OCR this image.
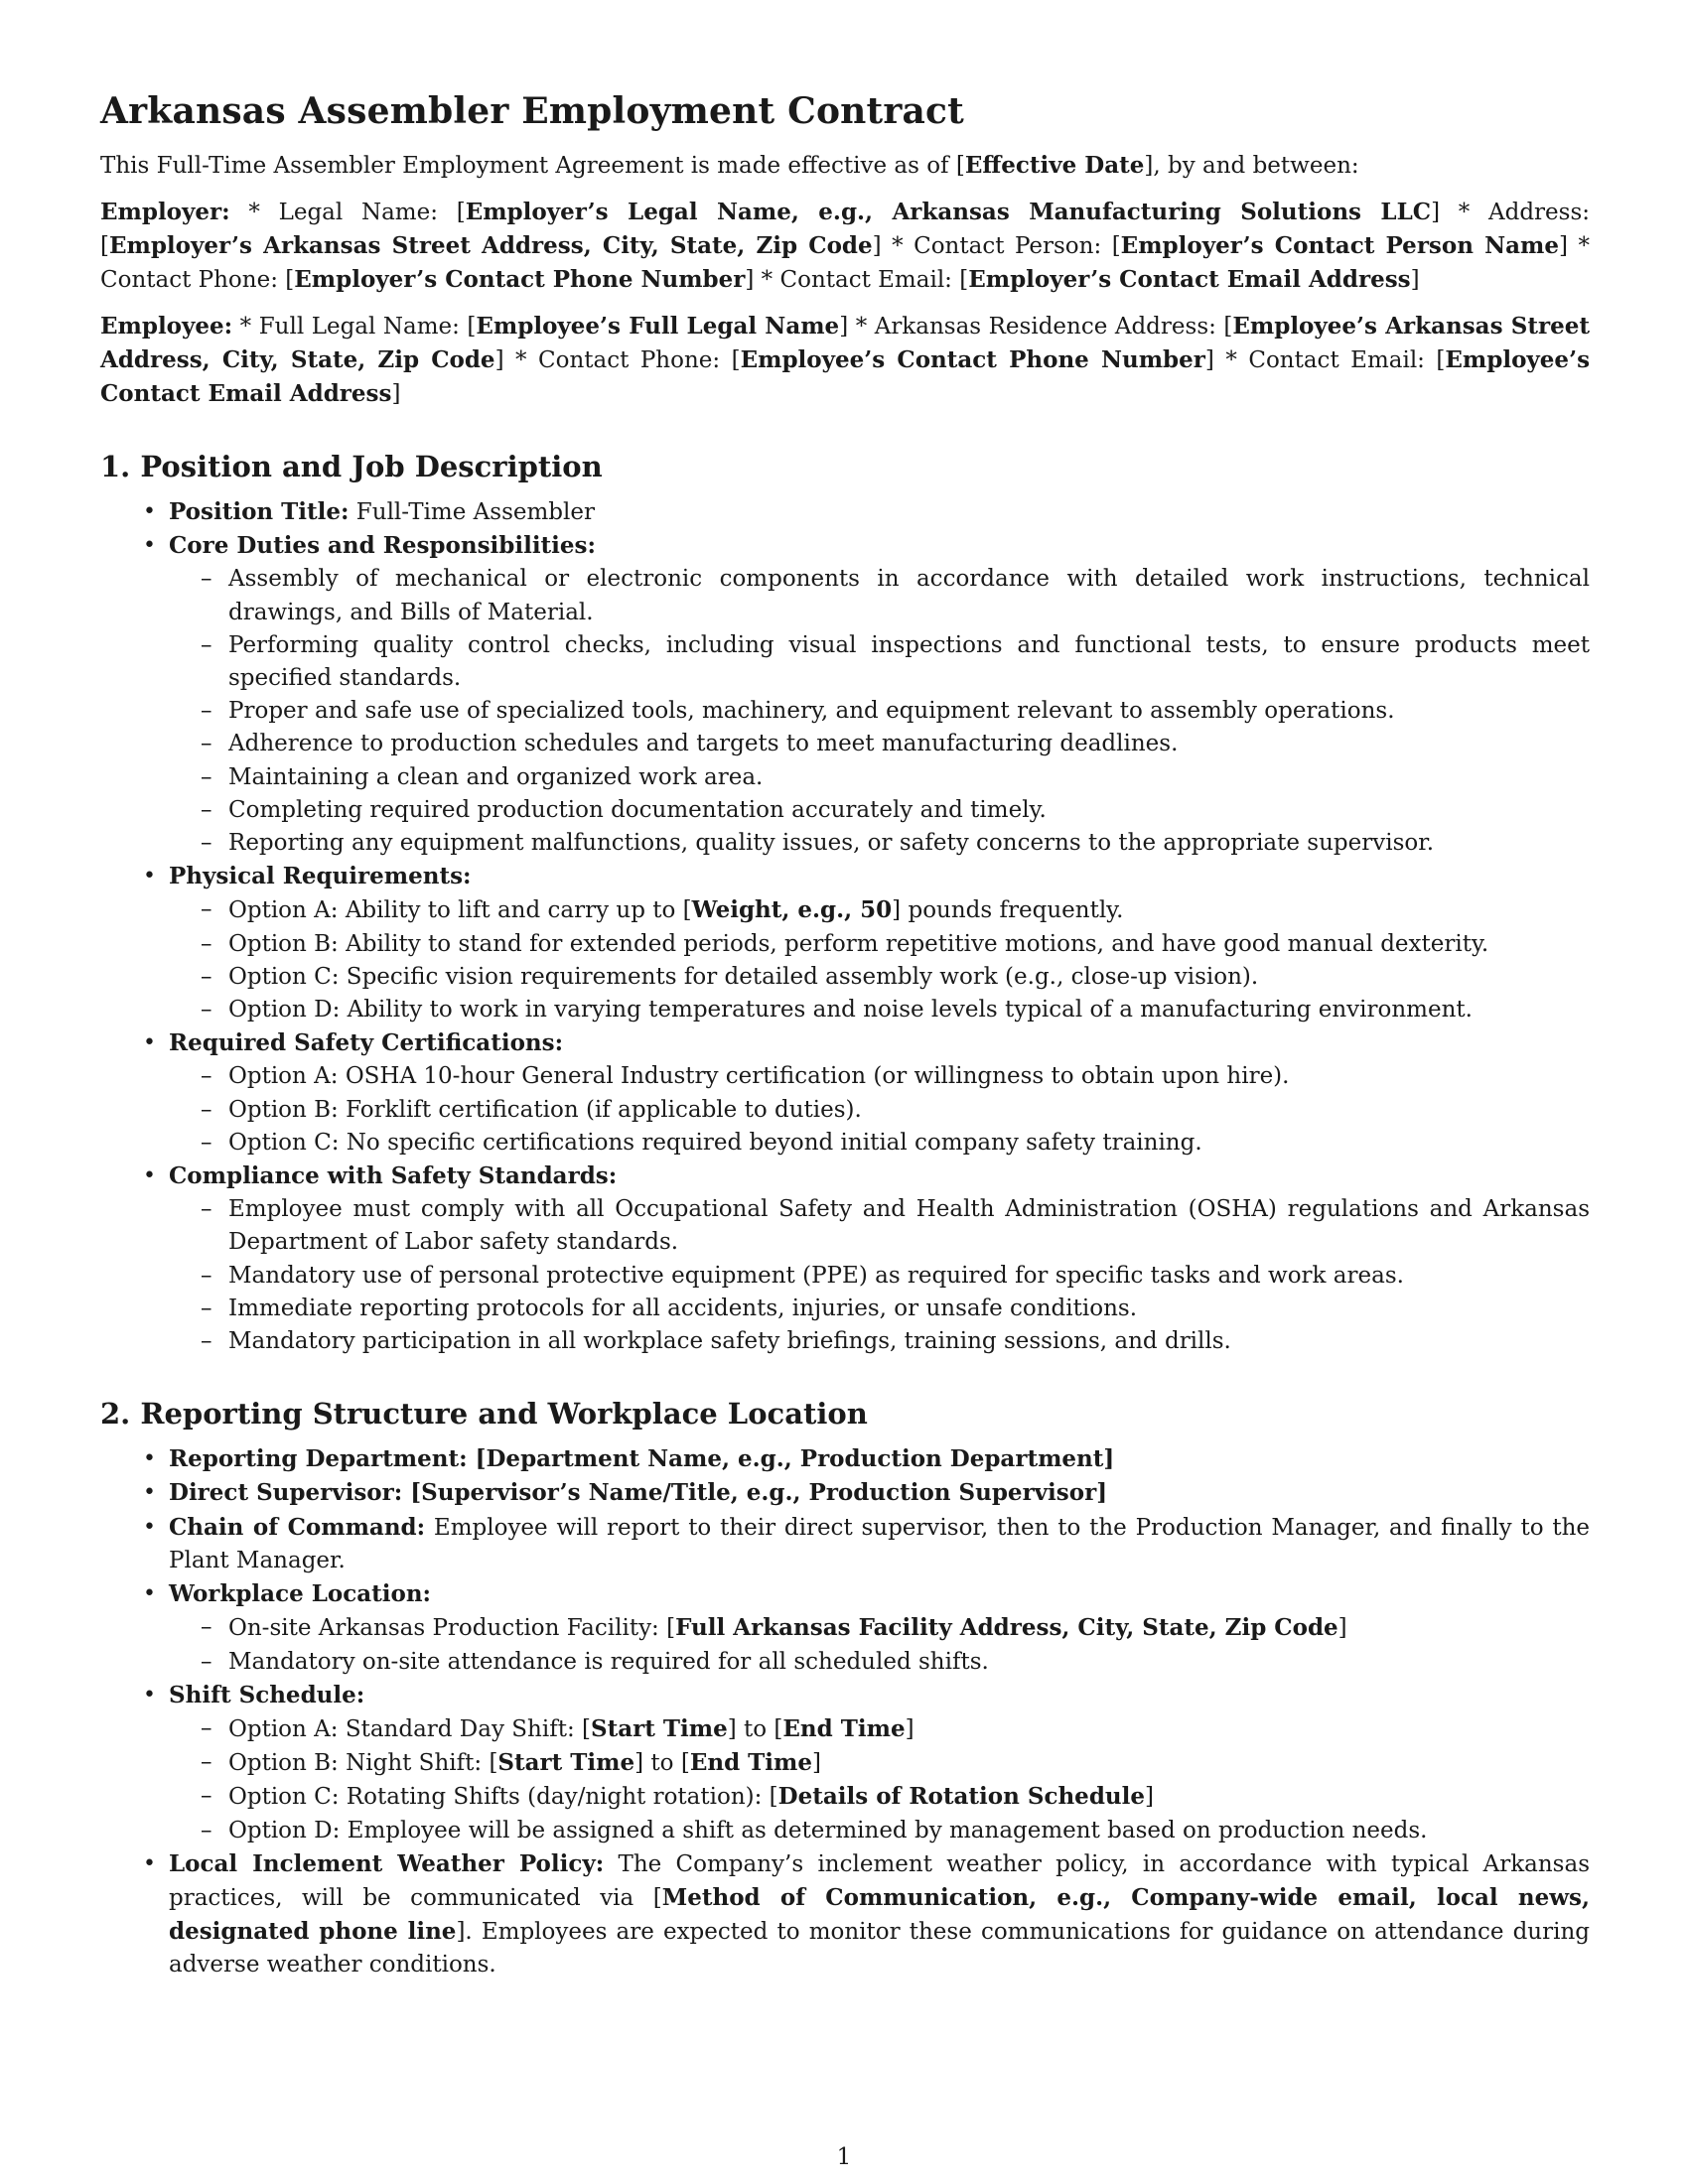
Arkansas Assembler Employment Contract

This Full-Time Assembler Employment Agreement is made effective as of [Effective Date], by and between:

Employer: * Legal Name: [Employer’s Legal Name, e.g., Arkansas Manufacturing Solutions LLC] * Address: [Employer’s Arkansas Street Address, City, State, Zip Code] * Contact Person: [Employer’s Contact Person Name] * Contact Phone: [Employer’s Contact Phone Number] * Contact Email: [Employer’s Contact Email Address]

Employee: * Full Legal Name: [Employee’s Full Legal Name] * Arkansas Residence Address: [Employee’s Arkansas Street Address, City, State, Zip Code] * Contact Phone: [Employee’s Contact Phone Number] * Contact Email: [Employee’s Contact Email Address]

1. Position and Job Description
• Position Title: Full-Time Assembler
• Core Duties and Responsibilities:
– Assembly of mechanical or electronic components in accordance with detailed work instructions, technical drawings, and Bills of Material.
– Performing quality control checks, including visual inspections and functional tests, to ensure products meet specified standards.
– Proper and safe use of specialized tools, machinery, and equipment relevant to assembly operations.
– Adherence to production schedules and targets to meet manufacturing deadlines.
– Maintaining a clean and organized work area.
– Completing required production documentation accurately and timely.
– Reporting any equipment malfunctions, quality issues, or safety concerns to the appropriate supervisor.
• Physical Requirements:
– Option A: Ability to lift and carry up to [Weight, e.g., 50] pounds frequently.
– Option B: Ability to stand for extended periods, perform repetitive motions, and have good manual dexterity.
– Option C: Specific vision requirements for detailed assembly work (e.g., close-up vision).
– Option D: Ability to work in varying temperatures and noise levels typical of a manufacturing environment.
• Required Safety Certifications:
– Option A: OSHA 10-hour General Industry certification (or willingness to obtain upon hire).
– Option B: Forklift certification (if applicable to duties).
– Option C: No specific certifications required beyond initial company safety training.
• Compliance with Safety Standards:
– Employee must comply with all Occupational Safety and Health Administration (OSHA) regulations and Arkansas Department of Labor safety standards.
– Mandatory use of personal protective equipment (PPE) as required for specific tasks and work areas.
– Immediate reporting protocols for all accidents, injuries, or unsafe conditions.
– Mandatory participation in all workplace safety briefings, training sessions, and drills.
2. Reporting Structure and Workplace Location
• Reporting Department: [Department Name, e.g., Production Department]
• Direct Supervisor: [Supervisor’s Name/Title, e.g., Production Supervisor]
• Chain of Command: Employee will report to their direct supervisor, then to the Production Manager, and finally to the Plant Manager.
• Workplace Location:
– On-site Arkansas Production Facility: [Full Arkansas Facility Address, City, State, Zip Code]
– Mandatory on-site attendance is required for all scheduled shifts.
• Shift Schedule:
– Option A: Standard Day Shift: [Start Time] to [End Time]
– Option B: Night Shift: [Start Time] to [End Time]
– Option C: Rotating Shifts (day/night rotation): [Details of Rotation Schedule]
– Option D: Employee will be assigned a shift as determined by management based on production needs.
• Local Inclement Weather Policy: The Company’s inclement weather policy, in accordance with typical Arkansas practices, will be communicated via [Method of Communication, e.g., Company-wide email, local news, designated phone line]. Employees are expected to monitor these communications for guidance on attendance during adverse weather conditions.
1
